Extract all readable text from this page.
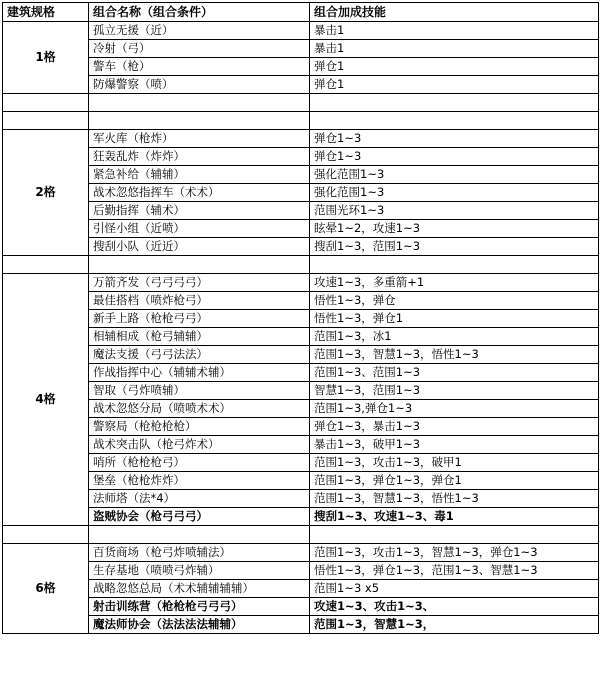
建筑规格	组合名称（组合条件）	组合加成技能
1格	孤立无援（近）	暴击1
	冷射（弓）	暴击1
	警车（枪）	弹仓1
	防爆警察（喷）	弹仓1

2格	军火库（枪炸）	弹仓1~3
	狂轰乱炸（炸炸）	弹仓1~3
	紧急补给（辅辅）	强化范围1~3
	战术忽悠指挥车（术术）	强化范围1~3
	后勤指挥（辅术）	范围光环1~3
	引怪小组（近喷）	眩晕1~2，攻速1~3
	搜刮小队（近近）	搜刮1~3，范围1~3

4格	万箭齐发（弓弓弓弓）	攻速1~3，多重箭+1
	最佳搭档（喷炸枪弓）	悟性1~3，弹仓
	新手上路（枪枪弓弓）	悟性1~3，弹仓1
	相辅相成（枪弓辅辅）	范围1~3，冰1
	魔法支援（弓弓法法）	范围1~3，智慧1~3，悟性1~3
	作战指挥中心（辅辅术辅）	范围1~3、范围1~3
	智取（弓炸喷辅）	智慧1~3，范围1~3
	战术忽悠分局（喷喷术术）	范围1~3,弹仓1~3
	警察局（枪枪枪枪）	弹仓1~3，暴击1~3
	战术突击队（枪弓炸术）	暴击1~3，破甲1~3
	哨所（枪枪枪弓）	范围1~3，攻击1~3，破甲1
	堡垒（枪枪炸炸）	范围1~3，弹仓1~3，弹仓1
	法师塔（法*4）	范围1~3，智慧1~3，悟性1~3
	盗贼协会（枪弓弓弓）	搜刮1~3、攻速1~3、毒1

6格	百货商场（枪弓炸喷辅法）	范围1~3，攻击1~3，智慧1~3，弹仓1~3
	生存基地（喷喷弓炸辅）	悟性1~3，弹仓1~3，范围1~3、智慧1~3
	战略忽悠总局（术术辅辅辅辅）	范围1~3 x5
	射击训练营（枪枪枪弓弓弓）	攻速1~3、攻击1~3、
	魔法师协会（法法法法辅辅）	范围1~3，智慧1~3，
